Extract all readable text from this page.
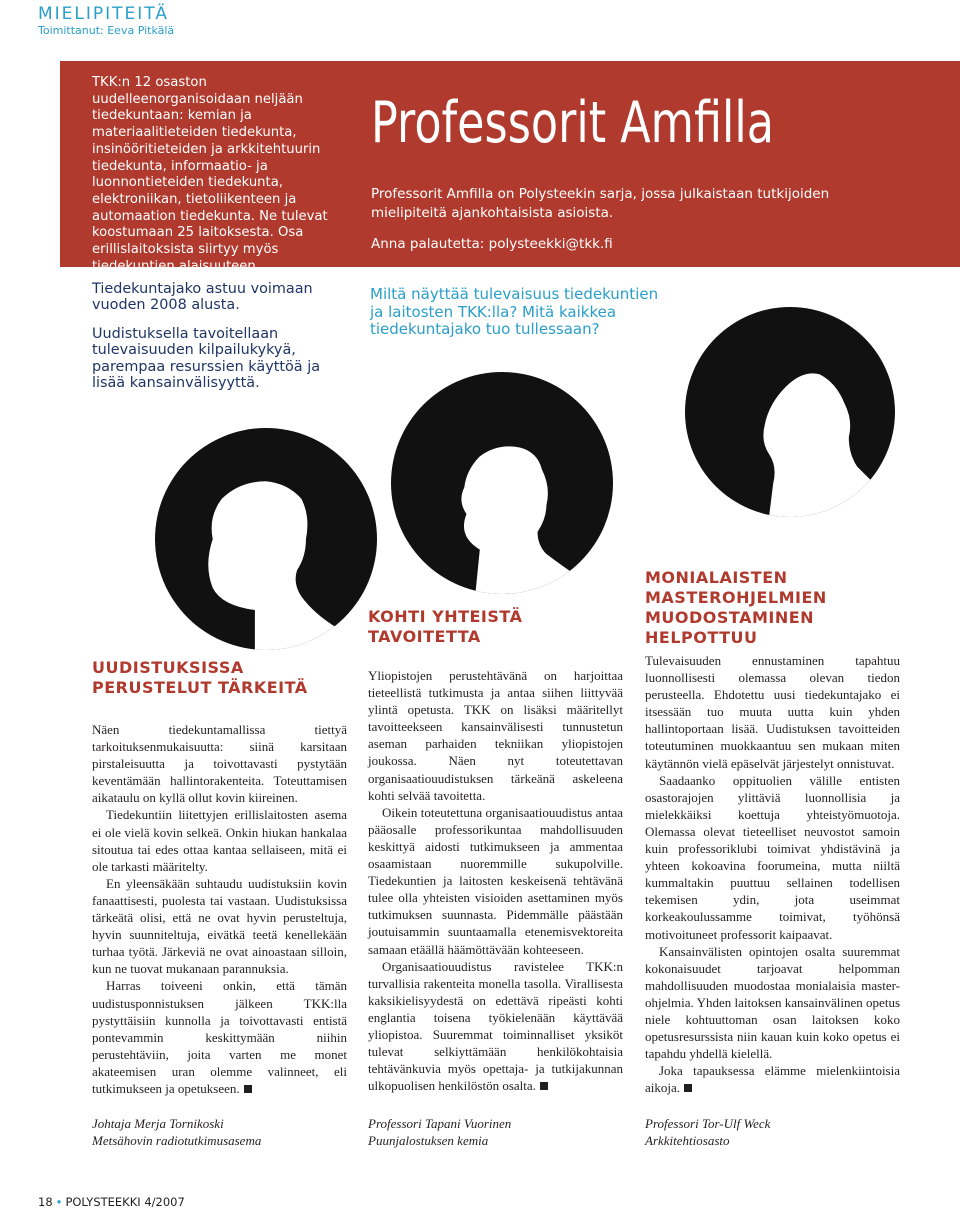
MIELIPITEITÄ
Toimittanut: Eeva Pitkälä
TKK:n 12 osaston uudelleenorganisoidaan neljään tiedekuntaan: kemian ja materiaalitieteiden tiedekunta, insinööritieteiden ja arkkitehtuurin tiedekunta, informaatio- ja luonnontieteiden tiedekunta, elektroniikan, tietoliikenteen ja automaation tiedekunta. Ne tulevat koostumaan 25 laitoksesta. Osa erillislaitoksista siirtyy myös tiedekuntien alaisuuteen.
Professorit Amfilla
Professorit Amfilla on Polysteekin sarja, jossa julkaistaan tutkijoiden mielipiteitä ajankohtaisista asioista.
Anna palautetta: polysteekki@tkk.fi

Tiedekuntajako astuu voimaan vuoden 2008 alusta.

Uudistuksella tavoitellaan tulevaisuuden kilpailukykyä, parempaa resurssien käyttöä ja lisää kansainvälisyyttä.

Miltä näyttää tulevaisuus tiedekuntien ja laitosten TKK:lla? Mitä kaikkea tiedekuntajako tuo tullessaan?
UUDISTUKSISSA PERUSTELUT TÄRKEITÄ

Näen tiedekuntamallissa tiettyä tarkoituksenmukaisuutta: siinä karsitaan pirstaleisuutta ja toivottavasti pystytään keventämään hallintorakenteita. Toteuttamisen aikataulu on kyllä ollut kovin kiireinen.

Tiedekuntiin liitettyjen erillislaitosten asema ei ole vielä kovin selkeä. Onkin hiukan hankalaa sitoutua tai edes ottaa kantaa sellaiseen, mitä ei ole tarkasti määritelty.

En yleensäkään suhtaudu uudistuksiin kovin fanaattisesti, puolesta tai vastaan. Uudistuksissa tärkeätä olisi, että ne ovat hyvin perusteltuja, hyvin suunniteltuja, eivätkä teetä kenellekään turhaa työtä. Järkeviä ne ovat ainoastaan silloin, kun ne tuovat mukanaan parannuksia.

Harras toiveeni onkin, että tämän uudistusponnistuksen jälkeen TKK:lla pystyttäisiin kunnolla ja toivottavasti entistä pontevammin keskittymään niihin perustehtäviin, joita varten me monet akateemisen uran olemme valinneet, eli tutkimukseen ja opetukseen.

Johtaja Merja Tornikoski
Metsähovin radiotutkimusasema
KOHTI YHTEISTÄ TAVOITETTA

Yliopistojen perustehtävänä on harjoittaa tieteellistä tutkimusta ja antaa siihen liittyvää ylintä opetusta. TKK on lisäksi määritellyt tavoitteekseen kansainvälisesti tunnustetun aseman parhaiden tekniikan yliopistojen joukossa. Näen nyt toteutettavan organisaatiouudistuksen tärkeänä askeleena kohti selvää tavoitetta.

Oikein toteutettuna organisaatiouudistus antaa pääosalle professorikuntaa mahdollisuuden keskittyä aidosti tutkimukseen ja ammentaa osaamistaan nuoremmille sukupolville. Tiedekuntien ja laitosten keskeisenä tehtävänä tulee olla yhteisten visioiden asettaminen myös tutkimuksen suunnasta. Pidemmälle päästään joutuisammin suuntaamalla etenemisvektoreita samaan etäällä häämöttävään kohteeseen.

Organisaatiouudistus ravistelee TKK:n turvallisia rakenteita monella tasolla. Virallisesta kaksikielisyydestä on edettävä ripeästi kohti englantia toisena työkielenään käyttävää yliopistoa. Suuremmat toiminnalliset yksiköt tulevat selkiyttämään henkilökohtaisia tehtävänkuvia myös opettaja- ja tutkijakunnan ulkopuolisen henkilöstön osalta.

Professori Tapani Vuorinen
Puunjalostuksen kemia
MONIALAISTEN MASTEROHJELMIEN MUODOSTAMINEN HELPOTTUU

Tulevaisuuden ennustaminen tapahtuu luonnollisesti olemassa olevan tiedon perusteella. Ehdotettu uusi tiedekuntajako ei itsessään tuo muuta uutta kuin yhden hallintoportaan lisää. Uudistuksen tavoitteiden toteutuminen muokkaantuu sen mukaan miten käytännön vielä epäselvät järjestelyt onnistuvat.

Saadaanko oppituolien välille entisten osastorajojen ylittäviä luonnollisia ja mielekkäiksi koettuja yhteistyömuotoja. Olemassa olevat tieteelliset neuvostot samoin kuin professoriklubi toimivat yhdistävinä ja yhteen kokoavina foorumeina, mutta niiltä kummaltakin puuttuu sellainen todellisen tekemisen ydin, jota useimmat korkeakoulussamme toimivat, työhönsä motivoituneet professorit kaipaavat.

Kansainvälisten opintojen osalta suuremmat kokonaisuudet tarjoavat helpomman mahdollisuuden muodostaa monialaisia master-ohjelmia. Yhden laitoksen kansainvälinen opetus niele kohtuuttoman osan laitoksen koko opetusresurssista niin kauan kuin koko opetus ei tapahdu yhdellä kielellä.

Joka tapauksessa elämme mielenkiintoisia aikoja.

Professori Tor-Ulf Weck
Arkkitehtiosasto
18 • POLYSTEEKKI 4/2007
